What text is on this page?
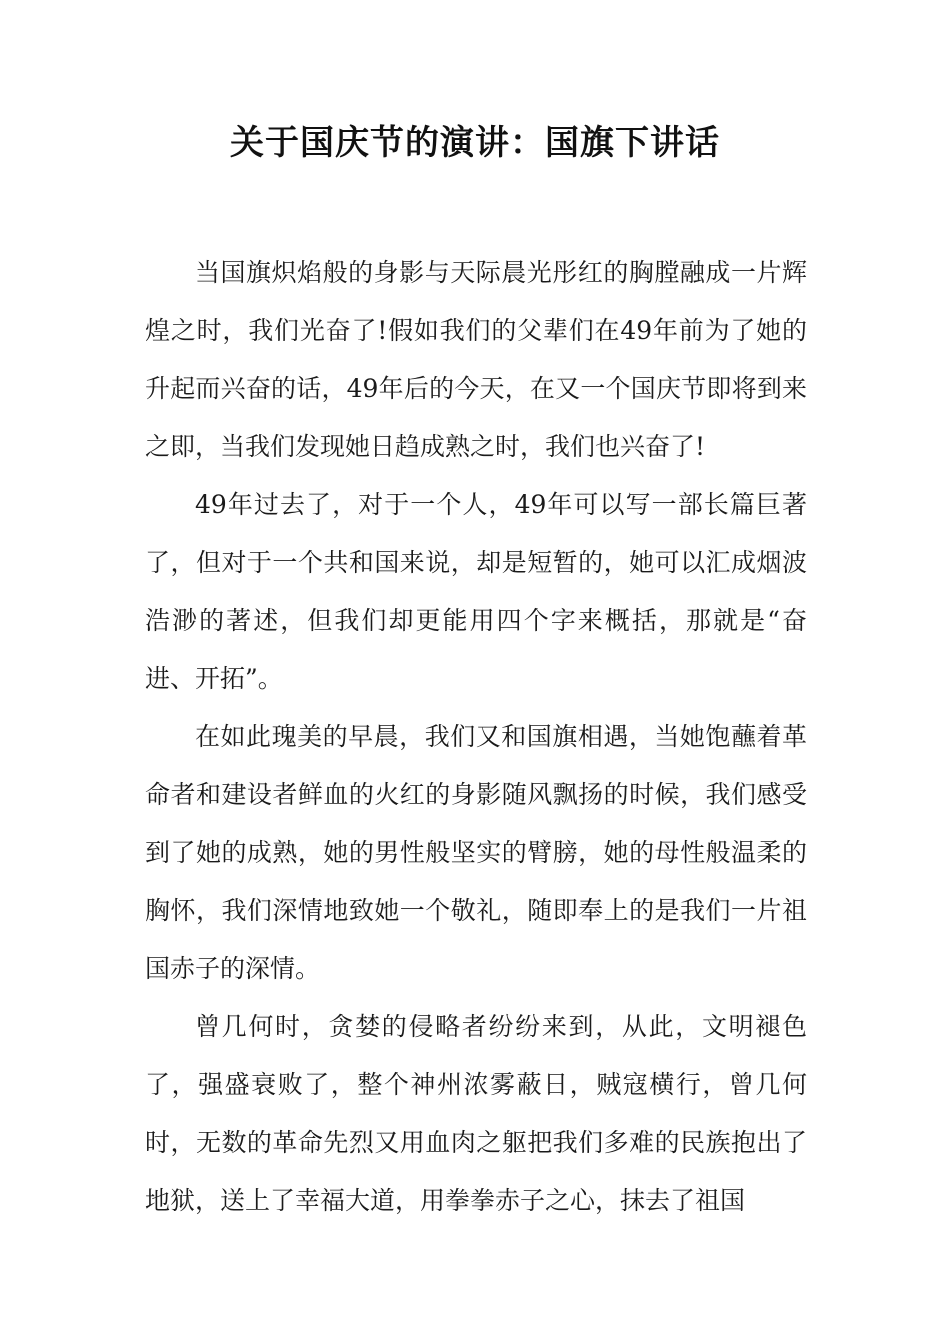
关于国庆节的演讲：国旗下讲话

当国旗炽焰般的身影与天际晨光彤红的胸膛融成一片辉煌之时，我们光奋了!假如我们的父辈们在49年前为了她的升起而兴奋的话，49年后的今天，在又一个国庆节即将到来之即，当我们发现她日趋成熟之时，我们也兴奋了!

49年过去了，对于一个人，49年可以写一部长篇巨著了，但对于一个共和国来说，却是短暂的，她可以汇成烟波浩渺的著述，但我们却更能用四个字来概括，那就是“奋进、开拓”。

在如此瑰美的早晨，我们又和国旗相遇，当她饱蘸着革命者和建设者鲜血的火红的身影随风飘扬的时候，我们感受到了她的成熟，她的男性般坚实的臂膀，她的母性般温柔的胸怀，我们深情地致她一个敬礼，随即奉上的是我们一片祖国赤子的深情。

曾几何时，贪婪的侵略者纷纷来到，从此，文明褪色了，强盛衰败了，整个神州浓雾蔽日，贼寇横行，曾几何时，无数的革命先烈又用血肉之躯把我们多难的民族抱出了地狱，送上了幸福大道，用拳拳赤子之心，抹去了祖国
